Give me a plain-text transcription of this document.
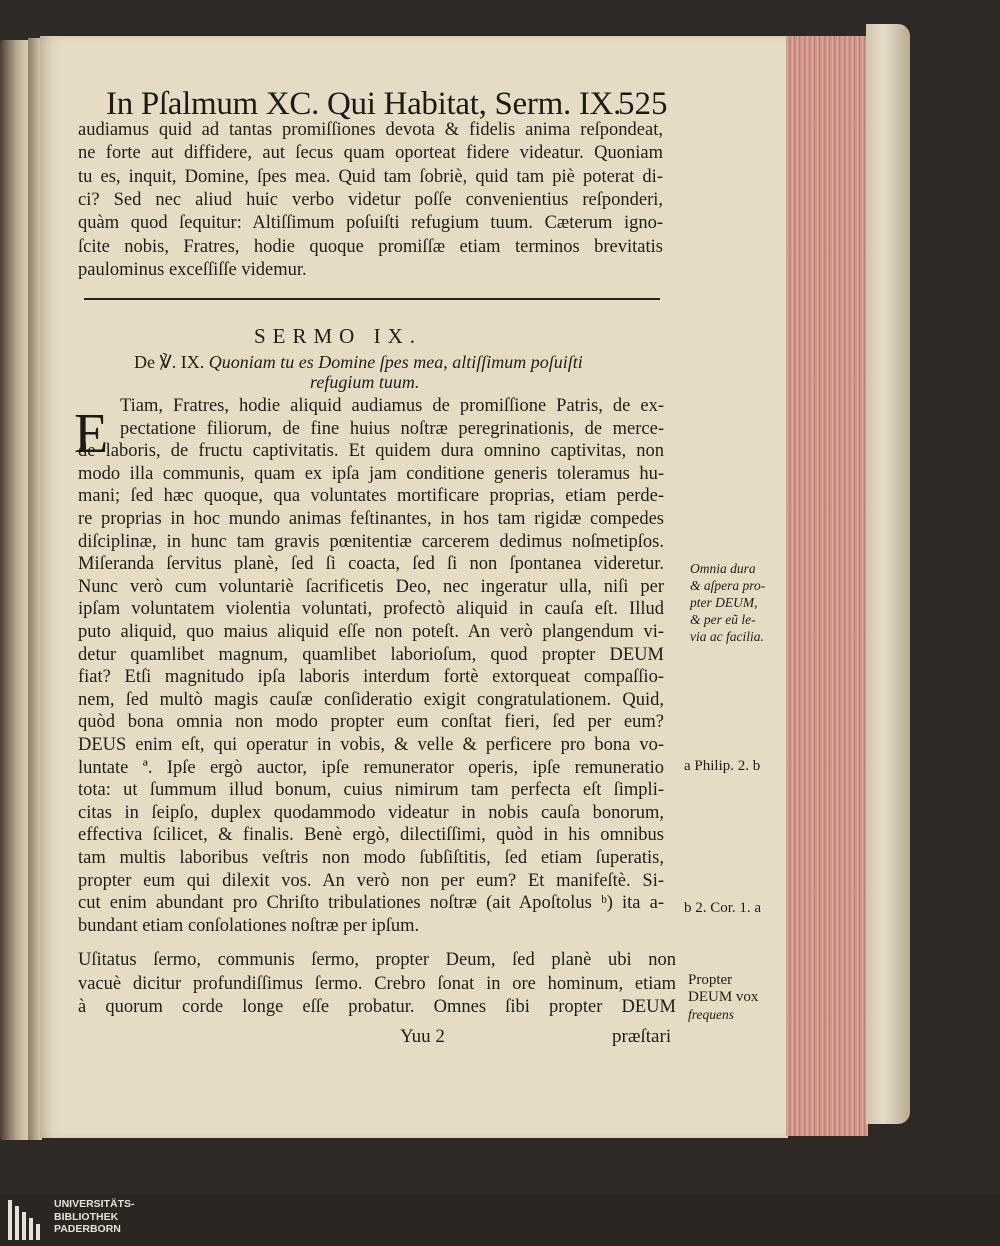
In Pſalmum XC. Qui Habitat, Serm. IX.
525
audiamus quid ad tantas promiſſiones devota & fidelis anima reſpondeat,
ne forte aut diffidere, aut ſecus quam oporteat fidere videatur. Quoniam
tu es, inquit, Domine, ſpes mea. Quid tam ſobriè, quid tam piè poterat di-
ci? Sed nec aliud huic verbo videtur poſſe convenientius reſponderi,
quàm quod ſequitur: Altiſſimum poſuiſti refugium tuum. Cæterum igno-
ſcite nobis, Fratres, hodie quoque promiſſæ etiam terminos brevitatis
paulominus exceſſiſſe videmur.
SERMO IX.
De ℣. IX. Quoniam tu es Domine ſpes mea, altiſſimum poſuiſti
refugium tuum.
E Tiam, Fratres, hodie aliquid audiamus de promiſſione Patris, de ex-
pectatione filiorum, de fine huius noſtræ peregrinationis, de merce-
de laboris, de fructu captivitatis. Et quidem dura omnino captivitas, non
modo illa communis, quam ex ipſa jam conditione generis toleramus hu-
mani; ſed hæc quoque, qua voluntates mortificare proprias, etiam perde-
re proprias in hoc mundo animas feſtinantes, in hos tam rigidæ compedes
diſciplinæ, in hunc tam gravis pœnitentiæ carcerem dedimus noſmetipſos.
Miſeranda ſervitus planè, ſed ſi coacta, ſed ſi non ſpontanea videretur.
Nunc verò cum voluntariè ſacrificetis Deo, nec ingeratur ulla, niſi per
ipſam voluntatem violentia voluntati, profectò aliquid in cauſa eſt. Illud
puto aliquid, quo maius aliquid eſſe non poteſt. An verò plangendum vi-
detur quamlibet magnum, quamlibet laborioſum, quod propter DEUM
fiat? Etſi magnitudo ipſa laboris interdum fortè extorqueat compaſſio-
nem, ſed multò magis cauſæ conſideratio exigit congratulationem. Quid,
quòd bona omnia non modo propter eum conſtat fieri, ſed per eum?
DEUS enim eſt, qui operatur in vobis, & velle & perficere pro bona vo-
luntate ª. Ipſe ergò auctor, ipſe remunerator operis, ipſe remuneratio
tota: ut ſummum illud bonum, cuius nimirum tam perfecta eſt ſimpli-
citas in ſeipſo, duplex quodammodo videatur in nobis cauſa bonorum,
effectiva ſcilicet, & finalis. Benè ergò, dilectiſſimi, quòd in his omnibus
tam multis laboribus veſtris non modo ſubſiſtitis, ſed etiam ſuperatis,
propter eum qui dilexit vos. An verò non per eum? Et manifeſtè. Si-
cut enim abundant pro Chriſto tribulationes noſtræ (ait Apoſtolus ᵇ) ita a-
bundant etiam conſolationes noſtræ per ipſum.
Uſitatus ſermo, communis ſermo, propter Deum, ſed planè ubi non
vacuè dicitur profundiſſimus ſermo. Crebro ſonat in ore hominum, etiam
à quorum corde longe eſſe probatur. Omnes ſibi propter DEUM
Yuu 2	præſtari
Omnia dura
& aſpera pro-
pter DEUM,
& per eũ le-
via ac facilia.
a Philip. 2. b
b 2. Cor. 1. a
Propter
DEUM vox
frequens
UNIVERSITÄTS-
BIBLIOTHEK
PADERBORN
